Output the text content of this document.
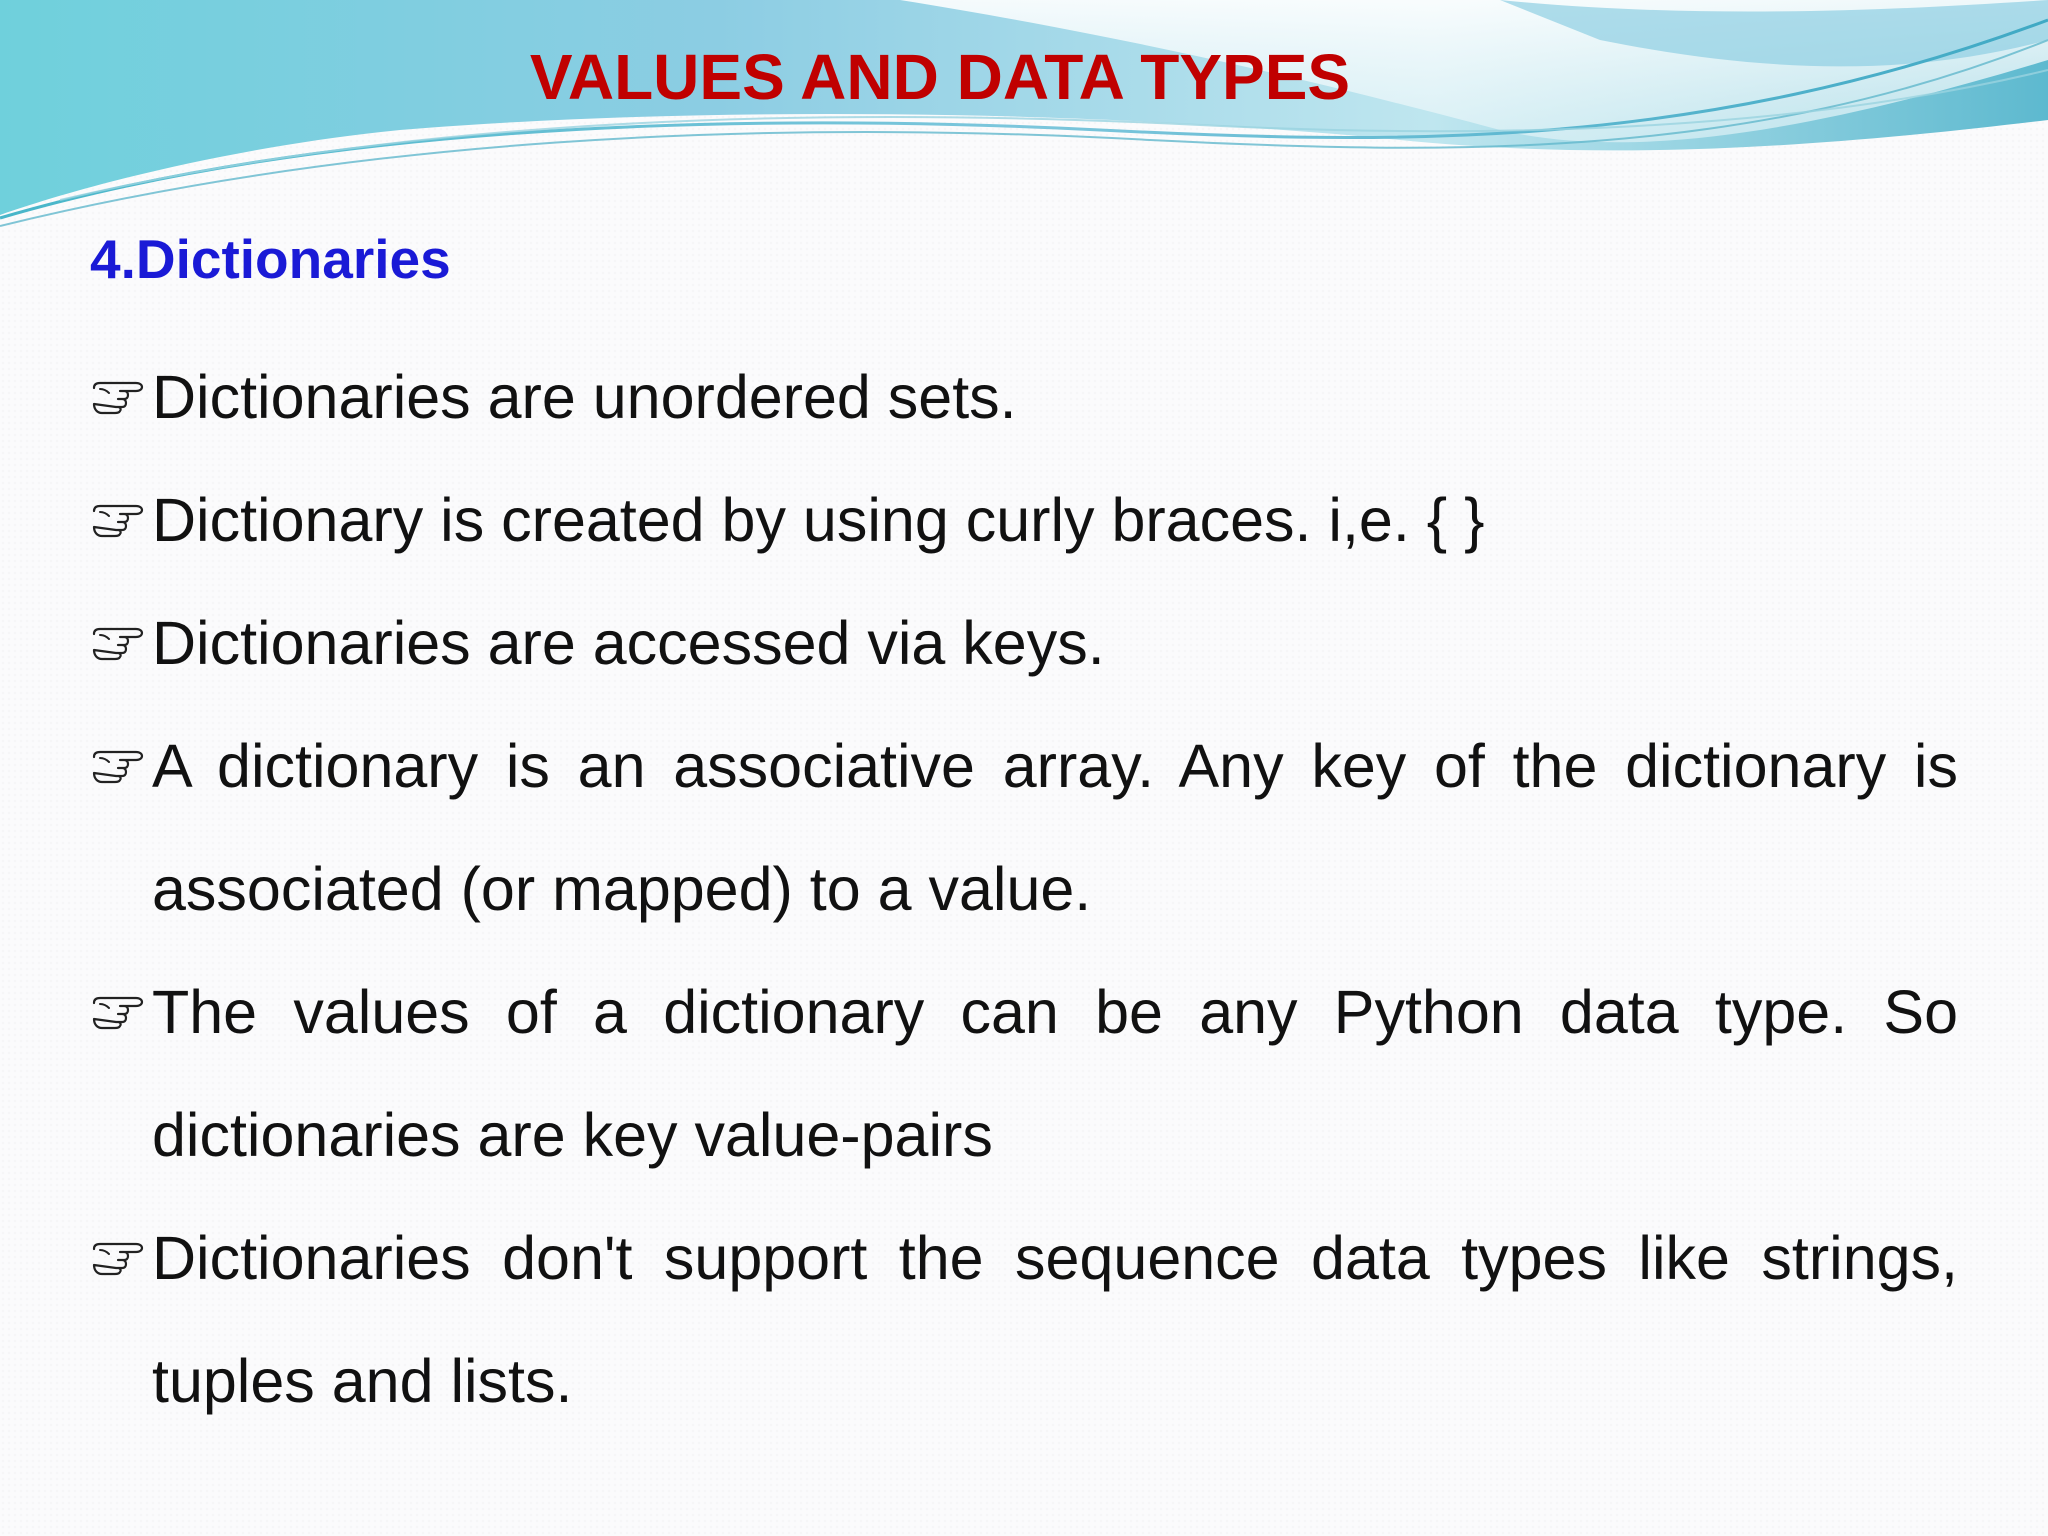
VALUES AND DATA TYPES
4.Dictionaries
Dictionaries are unordered sets.
Dictionary is created by using curly braces. i,e. { }
Dictionaries are accessed via keys.
A dictionary is an associative array. Any key of the dictionary is associated (or mapped) to a value.
The values of a dictionary can be any Python data type. So dictionaries are key value-pairs
Dictionaries don't support the sequence data types like strings, tuples and lists.
